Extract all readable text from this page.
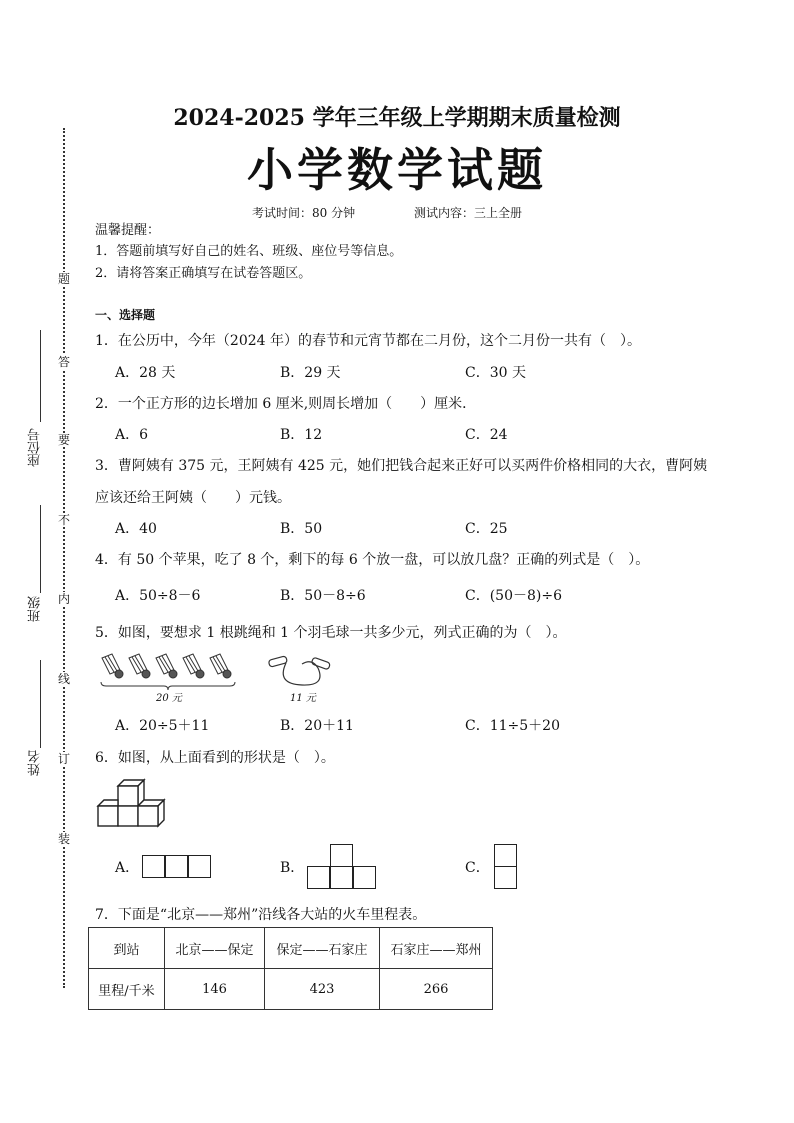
题
答
要
不
内
线
订
装
座位号
班级
姓名
2024-2025 学年三年级上学期期末质量检测
小学数学试题
考试时间：80 分钟	测试内容：三上全册
温馨提醒：
1．答题前填写好自己的姓名、班级、座位号等信息。
2．请将答案正确填写在试卷答题区。
一、选择题
1．在公历中，今年（2024 年）的春节和元宵节都在二月份，这个二月份一共有（　）。
A．28 天	B．29 天	C．30 天
2．一个正方形的边长增加 6 厘米,则周长增加（　　）厘米．
A．6	B．12	C．24
3．曹阿姨有 375 元，王阿姨有 425 元，她们把钱合起来正好可以买两件价格相同的大衣，曹阿姨
应该还给王阿姨（　　）元钱。
A．40	B．50	C．25
4．有 50 个苹果，吃了 8 个，剩下的每 6 个放一盘，可以放几盘？正确的列式是（　）。
A．50÷8－6	B．50－8÷6	C．(50－8)÷6
5．如图，要想求 1 根跳绳和 1 个羽毛球一共多少元，列式正确的为（　）。
20 元	11 元
A．20÷5＋11	B．20＋11	C．11÷5＋20
6．如图，从上面看到的形状是（　）。
A．	B．	C．
7．下面是“北京——郑州”沿线各大站的火车里程表。
到站	北京——保定	保定——石家庄	石家庄——郑州
里程/千米	146	423	266
